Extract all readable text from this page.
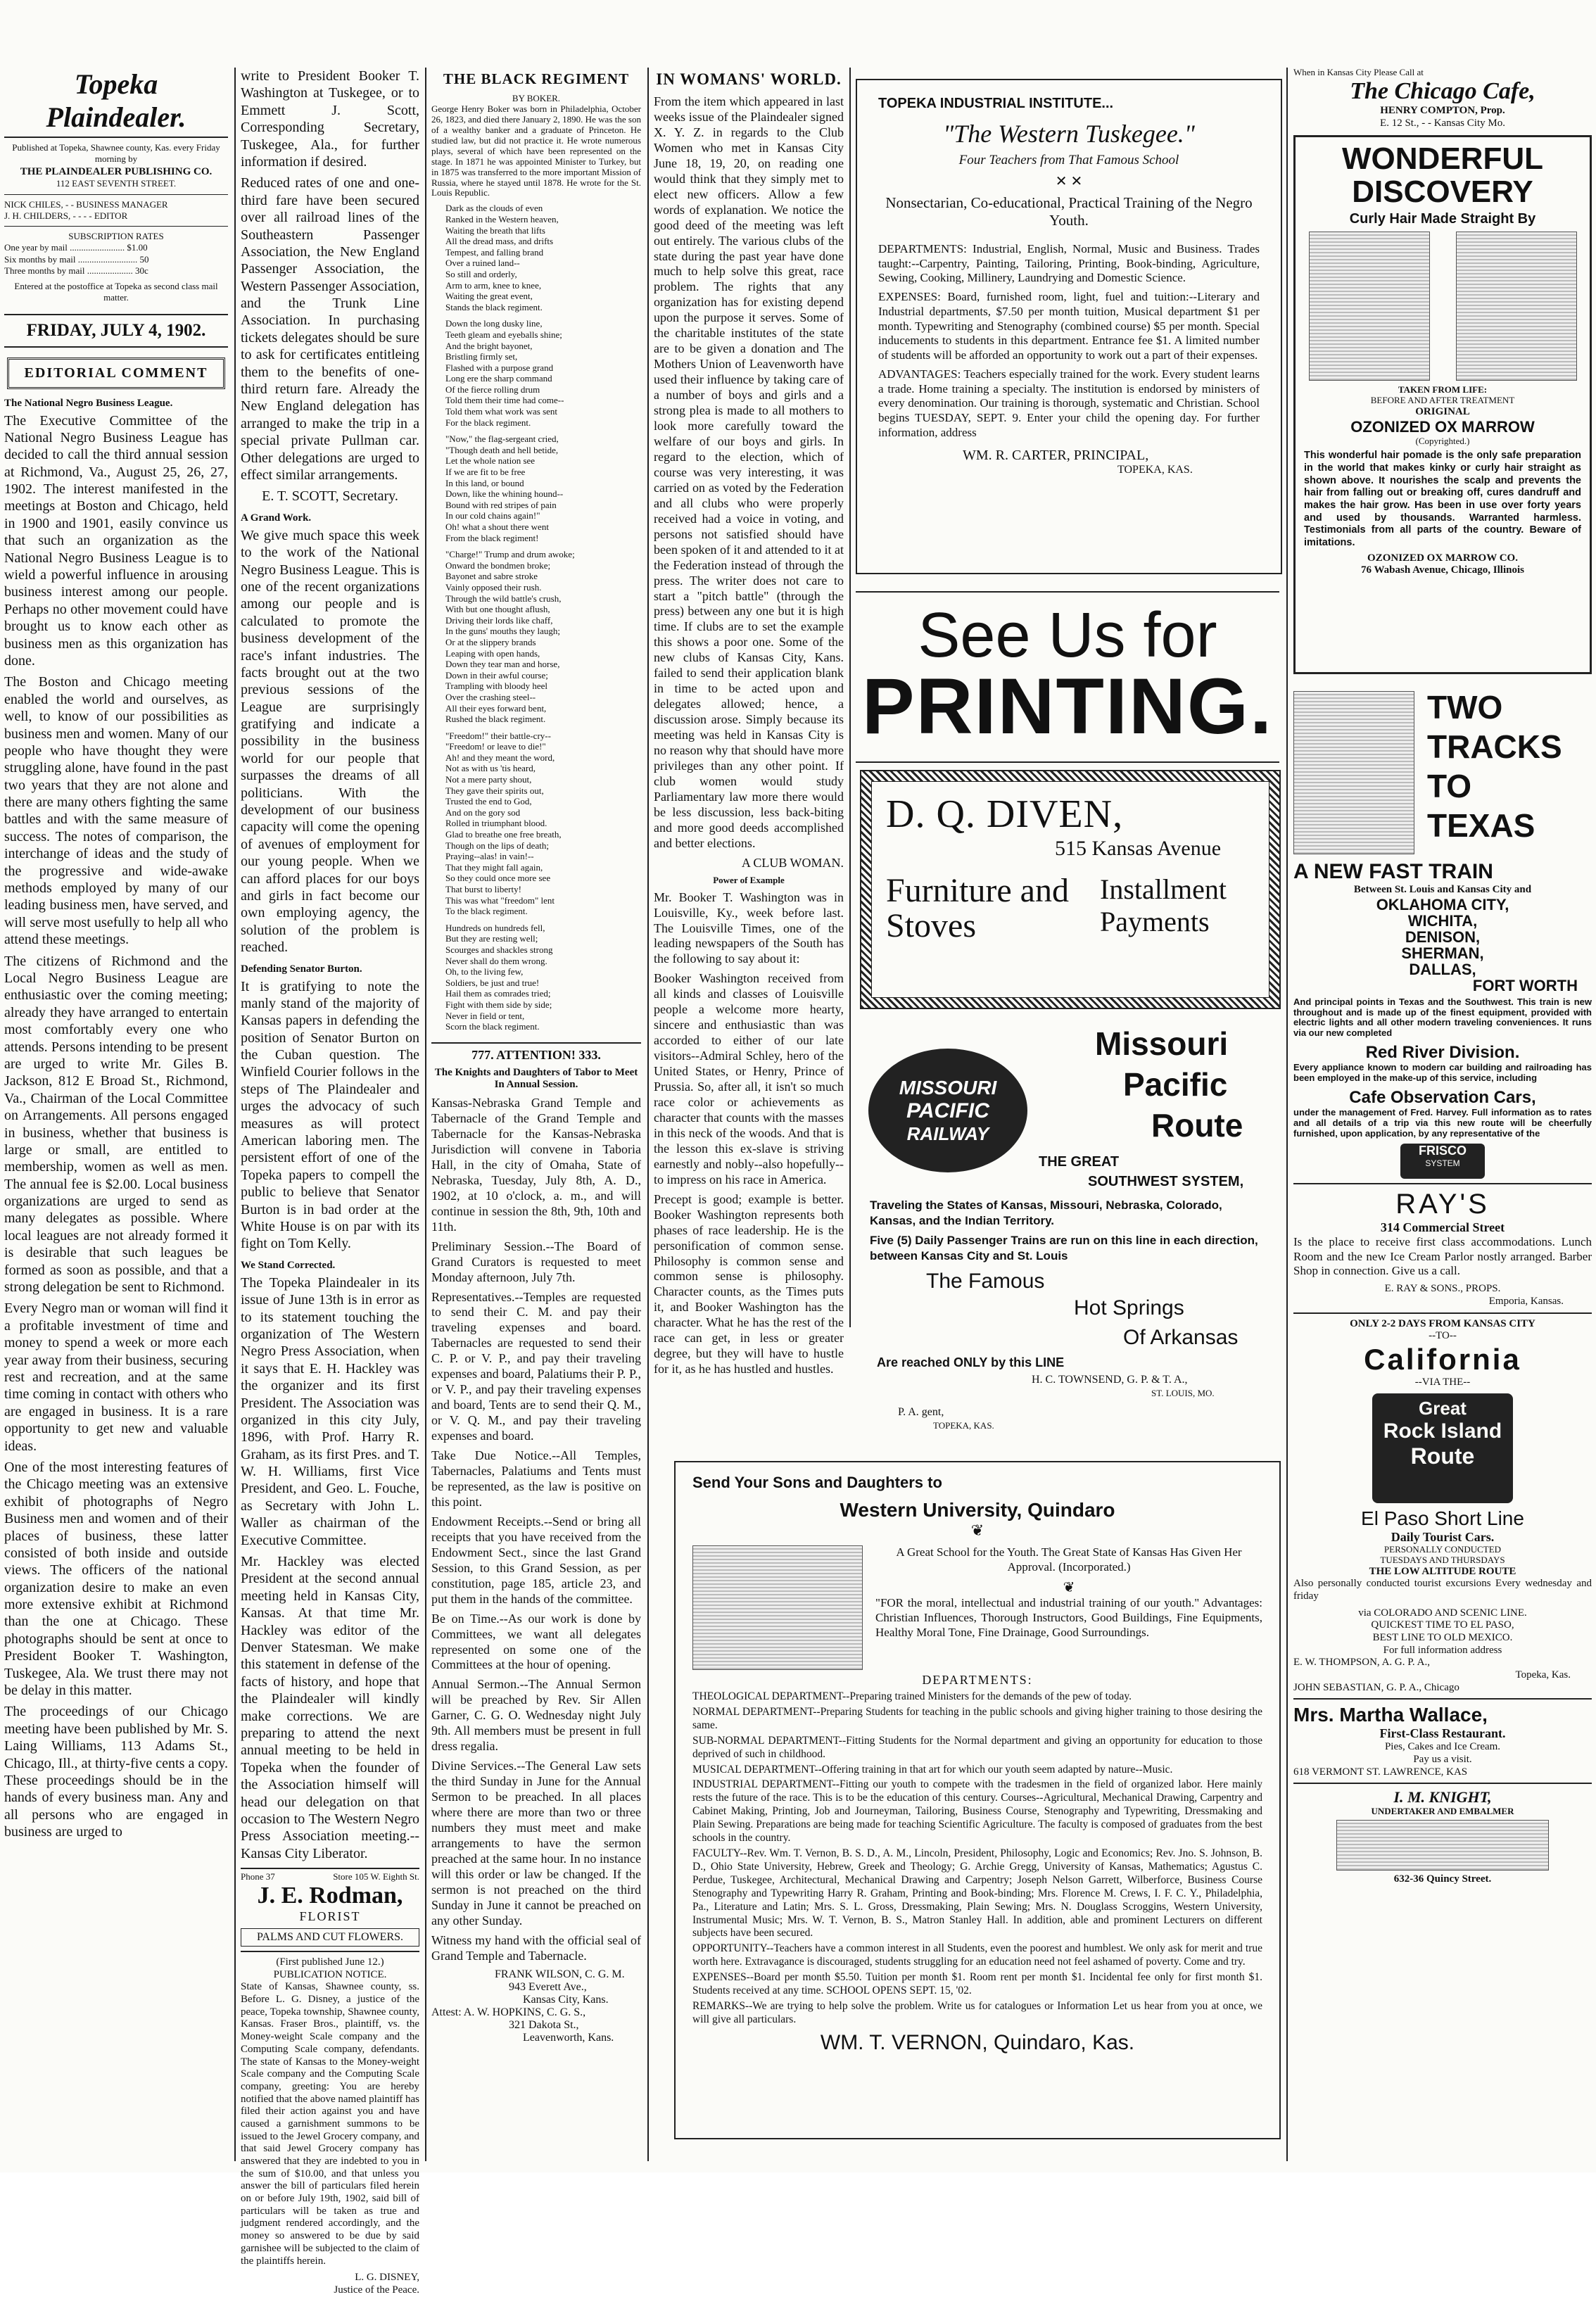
Topeka Plaindealer.
Published at Topeka, Shawnee county, Kas. every Friday morning by
THE PLAINDEALER PUBLISHING CO.
112 EAST SEVENTH STREET.
NICK CHILES, - - BUSINESS MANAGER
J. H. CHILDERS, - - - - EDITOR
SUBSCRIPTION RATES
One year by mail ........................ $1.00
Six months by mail .......................... 50
Three months by mail .................... 30c
Entered at the postoffice at Topeka as second class mail matter.
FRIDAY, JULY 4, 1902.
EDITORIAL COMMENT
The National Negro Business League.

The Executive Committee of the National Negro Business League has decided to call the third annual session at Richmond, Va., August 25, 26, 27, 1902. The interest manifested in the meetings at Boston and Chicago, held in 1900 and 1901, easily convince us that such an organization as the National Negro Business League is to wield a powerful influence in arousing business interest among our people. Perhaps no other movement could have brought us to know each other as business men as this organization has done.

The Boston and Chicago meeting enabled the world and ourselves, as well, to know of our possibilities as business men and women. Many of our people who have thought they were struggling alone, have found in the past two years that they are not alone and there are many others fighting the same battles and with the same measure of success. The notes of comparison, the interchange of ideas and the study of the progressive and wide-awake methods employed by many of our leading business men, have served, and will serve most usefully to help all who attend these meetings.

The citizens of Richmond and the Local Negro Business League are enthusiastic over the coming meeting; already they have arranged to entertain most comfortably every one who attends. Persons intending to be present are urged to write Mr. Giles B. Jackson, 812 E Broad St., Richmond, Va., Chairman of the Local Committee on Arrangements. All persons engaged in business, whether that business is large or small, are entitled to membership, women as well as men. The annual fee is $2.00. Local business organizations are urged to send as many delegates as possible. Where local leagues are not already formed it is desirable that such leagues be formed as soon as possible, and that a strong delegation be sent to Richmond.

Every Negro man or woman will find it a profitable investment of time and money to spend a week or more each year away from their business, securing rest and recreation, and at the same time coming in contact with others who are engaged in business. It is a rare opportunity to get new and valuable ideas.

One of the most interesting features of the Chicago meeting was an extensive exhibit of photographs of Negro Business men and women and of their places of business, these latter consisted of both inside and outside views. The officers of the national organization desire to make an even more extensive exhibit at Richmond than the one at Chicago. These photographs should be sent at once to President Booker T. Washington, Tuskegee, Ala. We trust there may not be delay in this matter.

The proceedings of our Chicago meeting have been published by Mr. S. Laing Williams, 113 Adams St., Chicago, Ill., at thirty-five cents a copy. These proceedings should be in the hands of every business man. Any and all persons who are engaged in business are urged to

write to President Booker T. Washington at Tuskegee, or to Emmett J. Scott, Corresponding Secretary, Tuskegee, Ala., for further information if desired.

Reduced rates of one and one-third fare have been secured over all railroad lines of the Southeastern Passenger Association, the New England Passenger Association, the Western Passenger Association, and the Trunk Line Association. In purchasing tickets delegates should be sure to ask for certificates entitleing them to the benefits of one-third return fare. Already the New England delegation has arranged to make the trip in a special private Pullman car. Other delegations are urged to effect similar arrangements.

E. T. SCOTT, Secretary.

A Grand Work.

We give much space this week to the work of the National Negro Business League. This is one of the recent organizations among our people and is calculated to promote the business development of the race's infant industries. The facts brought out at the two previous sessions of the League are surprisingly gratifying and indicate a possibility in the business world for our people that surpasses the dreams of all politicians. With the development of our business capacity will come the opening of avenues of employment for our young people. When we can afford places for our boys and girls in fact become our own employing agency, the solution of the problem is reached.

Defending Senator Burton.

It is gratifying to note the manly stand of the majority of Kansas papers in defending the position of Senator Burton on the Cuban question. The Winfield Courier follows in the steps of The Plaindealer and urges the advocacy of such measures as will protect American laboring men. The persistent effort of one of the Topeka papers to compell the public to believe that Senator Burton is in bad order at the White House is on par with its fight on Tom Kelly.

We Stand Corrected.

The Topeka Plaindealer in its issue of June 13th is in error as to its statement touching the organization of The Western Negro Press Association, when it says that E. H. Hackley was the organizer and its first President. The Association was organized in this city July, 1896, with Prof. Harry R. Graham, as its first Pres. and T. W. H. Williams, first Vice President, and Geo. L. Fouche, as Secretary with John L. Waller as chairman of the Executive Committee.

Mr. Hackley was elected President at the second annual meeting held in Kansas City, Kansas. At that time Mr. Hackley was editor of the Denver Statesman. We make this statement in defense of the facts of history, and hope that the Plaindealer will kindly make corrections. We are preparing to attend the next annual meeting to be held in Topeka when the founder of the Association himself will head our delegation on that occasion to The Western Negro Press Association meeting.--Kansas City Liberator.

Phone 37	Store 105 W. Eighth St.
J. E. Rodman,
FLORIST
PALMS AND CUT FLOWERS.
(First published June 12.)
PUBLICATION NOTICE.

State of Kansas, Shawnee county, ss. Before L. G. Disney, a justice of the peace, Topeka township, Shawnee county, Kansas. Fraser Bros., plaintiff, vs. the Money-weight Scale company and the Computing Scale company, defendants. The state of Kansas to the Money-weight Scale company and the Computing Scale company, greeting: You are hereby notified that the above named plaintiff has filed their action against you and have caused a garnishment summons to be issued to the Jewel Grocery company, and that said Jewel Grocery company has answered that they are indebted to you in the sum of $10.00, and that unless you answer the bill of particulars filed herein on or before July 19th, 1902, said bill of particulars will be taken as true and judgment rendered accordingly, and the money so answered to be due by said garnishee will be subjected to the claim of the plaintiffs herein.

L. G. DISNEY,
Justice of the Peace.
THE BLACK REGIMENT
BY BOKER.

George Henry Boker was born in Philadelphia, October 26, 1823, and died there January 2, 1890. He was the son of a wealthy banker and a graduate of Princeton. He studied law, but did not practice it. He wrote numerous plays, several of which have been represented on the stage. In 1871 he was appointed Minister to Turkey, but in 1875 was transferred to the more important Mission of Russia, where he stayed until 1878. He wrote for the St. Louis Republic.

Dark as the clouds of even
Ranked in the Western heaven,
Waiting the breath that lifts
All the dread mass, and drifts
Tempest, and falling brand
Over a ruined land--
So still and orderly,
Arm to arm, knee to knee,
Waiting the great event,
Stands the black regiment.
Down the long dusky line,
Teeth gleam and eyeballs shine;
And the bright bayonet,
Bristling firmly set,
Flashed with a purpose grand
Long ere the sharp command
Of the fierce rolling drum
Told them their time had come--
Told them what work was sent
For the black regiment.
"Now," the flag-sergeant cried,
"Though death and hell betide,
Let the whole nation see
If we are fit to be free
In this land, or bound
Down, like the whining hound--
Bound with red stripes of pain
In our cold chains again!"
Oh! what a shout there went
From the black regiment!
"Charge!" Trump and drum awoke;
Onward the bondmen broke;
Bayonet and sabre stroke
Vainly opposed their rush.
Through the wild battle's crush,
With but one thought aflush,
Driving their lords like chaff,
In the guns' mouths they laugh;
Or at the slippery brands
Leaping with open hands,
Down they tear man and horse,
Down in their awful course;
Trampling with bloody heel
Over the crashing steel--
All their eyes forward bent,
Rushed the black regiment.
"Freedom!" their battle-cry--
"Freedom! or leave to die!"
Ah! and they meant the word,
Not as with us 'tis heard,
Not a mere party shout,
They gave their spirits out,
Trusted the end to God,
And on the gory sod
Rolled in triumphant blood.
Glad to breathe one free breath,
Though on the lips of death;
Praying--alas! in vain!--
That they might fall again,
So they could once more see
That burst to liberty!
This was what "freedom" lent
To the black regiment.
Hundreds on hundreds fell,
But they are resting well;
Scourges and shackles strong
Never shall do them wrong.
Oh, to the living few,
Soldiers, be just and true!
Hail them as comrades tried;
Fight with them side by side;
Never in field or tent,
Scorn the black regiment.
777. ATTENTION! 333.
The Knights and Daughters of Tabor to Meet In Annual Session.

Kansas-Nebraska Grand Temple and Tabernacle of the Grand Temple and Tabernacle for the Kansas-Nebraska Jurisdiction will convene in Taboria Hall, in the city of Omaha, State of Nebraska, Tuesday, July 8th, A. D., 1902, at 10 o'clock, a. m., and will continue in session the 8th, 9th, 10th and 11th.

Preliminary Session.--The Board of Grand Curators is requested to meet Monday afternoon, July 7th.

Representatives.--Temples are requested to send their C. M. and pay their traveling expenses and board. Tabernacles are requested to send their C. P. or V. P., and pay their traveling expenses and board, Palatiums their P. P., or V. P., and pay their traveling expenses and board, Tents are to send their Q. M., or V. Q. M., and pay their traveling expenses and board.

Take Due Notice.--All Temples, Tabernacles, Palatiums and Tents must be represented, as the law is positive on this point.

Endowment Receipts.--Send or bring all receipts that you have received from the Endowment Sect., since the last Grand Session, to this Grand Session, as per constitution, page 185, article 23, and put them in the hands of the committee.

Be on Time.--As our work is done by Committees, we want all delegates represented on some one of the Committees at the hour of opening.

Annual Sermon.--The Annual Sermon will be preached by Rev. Sir Allen Garner, C. G. O. Wednesday night July 9th. All members must be present in full dress regalia.

Divine Services.--The General Law sets the third Sunday in June for the Annual Sermon to be preached. In all places where there are more than two or three numbers they must meet and make arrangements to have the sermon preached at the same hour. In no instance will this order or law be changed. If the sermon is not preached on the third Sunday in June it cannot be preached on any other Sunday.

Witness my hand with the official seal of Grand Temple and Tabernacle.

FRANK WILSON, C. G. M.
943 Everett Ave.,
Kansas City, Kans.
Attest: A. W. HOPKINS, C. G. S.,
321 Dakota St.,
Leavenworth, Kans.
IN WOMANS' WORLD.

From the item which appeared in last weeks issue of the Plaindealer signed X. Y. Z. in regards to the Club Women who met in Kansas City June 18, 19, 20, on reading one would think that they simply met to elect new officers. Allow a few words of explanation. We notice the good deed of the meeting was left out entirely. The various clubs of the state during the past year have done much to help solve this great, race problem. The rights that any organization has for existing depend upon the purpose it serves. Some of the charitable institutes of the state are to be given a donation and The Mothers Union of Leavenworth have used their influence by taking care of a number of boys and girls and a strong plea is made to all mothers to look more carefully toward the welfare of our boys and girls. In regard to the election, which of course was very interesting, it was carried on as voted by the Federation and all clubs who were properly received had a voice in voting, and persons not satisfied should have been spoken of it and attended to it at the Federation instead of through the press. The writer does not care to start a "pitch battle" (through the press) between any one but it is high time. If clubs are to set the example this shows a poor one. Some of the new clubs of Kansas City, Kans. failed to send their application blank in time to be acted upon and delegates allowed; hence, a discussion arose. Simply because its meeting was held in Kansas City is no reason why that should have more privileges than any other point. If club women would study Parliamentary law more there would be less discussion, less back-biting and more good deeds accomplished and better elections.

A CLUB WOMAN.

Power of Example

Mr. Booker T. Washington was in Louisville, Ky., week before last. The Louisville Times, one of the leading newspapers of the South has the following to say about it:

Booker Washington received from all kinds and classes of Louisville people a welcome more hearty, sincere and enthusiastic than was accorded to either of our late visitors--Admiral Schley, hero of the United States, or Henry, Prince of Prussia. So, after all, it isn't so much race color or achievements as character that counts with the masses in this neck of the woods. And that is the lesson this ex-slave is striving earnestly and nobly--also hopefully--to impress on his race in America.

Precept is good; example is better. Booker Washington represents both phases of race leadership. He is the personification of common sense. Philosophy is common sense and common sense is philosophy. Character counts, as the Times puts it, and Booker Washington has the character. What he has the rest of the race can get, in less or greater degree, but they will have to hustle for it, as he has hustled and hustles.

TOPEKA INDUSTRIAL INSTITUTE...
"The Western Tuskegee."
Four Teachers from That Famous School
✕ ✕
Nonsectarian, Co-educational, Practical Training of the Negro Youth.

DEPARTMENTS: Industrial, English, Normal, Music and Business. Trades taught:--Carpentry, Painting, Tailoring, Printing, Book-binding, Agriculture, Sewing, Cooking, Millinery, Laundrying and Domestic Science.

EXPENSES: Board, furnished room, light, fuel and tuition:--Literary and Industrial departments, $7.50 per month tuition, Musical department $1 per month. Typewriting and Stenography (combined course) $5 per month. Special inducements to students in this department. Entrance fee $1. A limited number of students will be afforded an opportunity to work out a part of their expenses.

ADVANTAGES: Teachers especially trained for the work. Every student learns a trade. Home training a specialty. The institution is endorsed by ministers of every denomination. Our training is thorough, systematic and Christian. School begins TUESDAY, SEPT. 9. Enter your child the opening day. For further information, address

WM. R. CARTER, PRINCIPAL,
TOPEKA, KAS.
See Us for
PRINTING.
D. Q. DIVEN,
515 Kansas Avenue
Furniture and Stoves
Installment Payments
MISSOURI
PACIFIC
RAILWAY
Missouri
Pacific
Route
THE GREAT
SOUTHWEST SYSTEM,
Traveling the States of Kansas, Missouri, Nebraska, Colorado, Kansas, and the Indian Territory.
Five (5) Daily Passenger Trains are run on this line in each direction, between Kansas City and St. Louis
The Famous
Hot Springs
Of Arkansas
Are reached ONLY by this LINE
H. C. TOWNSEND, G. P. & T. A.,
ST. LOUIS, MO.
P. A. gent,
TOPEKA, KAS.
Send Your Sons and Daughters to
Western University, Quindaro
❦

A Great School for the Youth. The Great State of Kansas Has Given Her Approval. (Incorporated.)

❦

"FOR the moral, intellectual and industrial training of our youth." Advantages: Christian Influences, Thorough Instructors, Good Buildings, Fine Equipments, Healthy Moral Tone, Fine Drainage, Good Surroundings.

DEPARTMENTS:

THEOLOGICAL DEPARTMENT--Preparing trained Ministers for the demands of the pew of today.

NORMAL DEPARTMENT--Preparing Students for teaching in the public schools and giving higher training to those desiring the same.

SUB-NORMAL DEPARTMENT--Fitting Students for the Normal department and giving an opportunity for education to those deprived of such in childhood.

MUSICAL DEPARTMENT--Offering training in that art for which our youth seem adapted by nature--Music.

INDUSTRIAL DEPARTMENT--Fitting our youth to compete with the tradesmen in the field of organized labor. Here mainly rests the future of the race. This is to be the education of this century. Courses--Agricultural, Mechanical Drawing, Carpentry and Cabinet Making, Printing, Job and Journeyman, Tailoring, Business Course, Stenography and Typewriting, Dressmaking and Plain Sewing. Preparations are being made for teaching Scientific Agriculture. The faculty is composed of graduates from the best schools in the country.

FACULTY--Rev. Wm. T. Vernon, B. S. D., A. M., Lincoln, President, Philosophy, Logic and Economics; Rev. Jno. S. Johnson, B. D., Ohio State University, Hebrew, Greek and Theology; G. Archie Gregg, University of Kansas, Mathematics; Agustus C. Perdue, Tuskegee, Architectural, Mechanical Drawing and Carpentry; Joseph Nelson Garrett, Wilberforce, Business Course Stenography and Typewriting Harry R. Graham, Printing and Book-binding; Mrs. Florence M. Crews, I. F. C. Y., Philadelphia, Pa., Literature and Latin; Mrs. S. L. Gross, Dressmaking, Plain Sewing; Mrs. N. Douglass Scroggins, Western University, Instrumental Music; Mrs. W. T. Vernon, B. S., Matron Stanley Hall. In addition, able and prominent Lecturers on different subjects have been secured.

OPPORTUNITY--Teachers have a common interest in all Students, even the poorest and humblest. We only ask for merit and true worth here. Extravagance is discouraged, students struggling for an education need not feel ashamed of poverty. Come and try.

EXPENSES--Board per month $5.50. Tuition per month $1. Room rent per month $1. Incidental fee only for first month $1. Students received at any time. SCHOOL OPENS SEPT. 15, '02.

REMARKS--We are trying to help solve the problem. Write us for catalogues or Information Let us hear from you at once, we will give all particulars.

WM. T. VERNON, Quindaro, Kas.
When in Kansas City Please Call at
The Chicago Cafe,
HENRY COMPTON, Prop.
E. 12 St., - - Kansas City Mo.
WONDERFUL
DISCOVERY
Curly Hair Made Straight By
TAKEN FROM LIFE:
BEFORE AND AFTER TREATMENT
ORIGINAL
OZONIZED OX MARROW
(Copyrighted.)

This wonderful hair pomade is the only safe preparation in the world that makes kinky or curly hair straight as shown above. It nourishes the scalp and prevents the hair from falling out or breaking off, cures dandruff and makes the hair grow. Has been in use over forty years and used by thousands. Warranted harmless. Testimonials from all parts of the country. Beware of imitations.

OZONIZED OX MARROW CO.
76 Wabash Avenue, Chicago, Illinois
TWO
TRACKS
TO
TEXAS
A NEW FAST TRAIN
Between St. Louis and Kansas City and
OKLAHOMA CITY,
WICHITA,
DENISON,
SHERMAN,
DALLAS,
FORT WORTH

And principal points in Texas and the Southwest. This train is new throughout and is made up of the finest equipment, provided with electric lights and all other modern traveling conveniences. It runs via our new completed

Red River Division.

Every appliance known to modern car building and railroading has been employed in the make-up of this service, including

Cafe Observation Cars,

under the management of Fred. Harvey. Full information as to rates and all details of a trip via this new route will be cheerfully furnished, upon application, by any representative of the

FRISCO
SYSTEM
RAY'S
314 Commercial Street

Is the place to receive first class accommodations. Lunch Room and the new Ice Cream Parlor nostly arranged. Barber Shop in connection. Give us a call.

E. RAY & SONS., PROPS.
Emporia, Kansas.
ONLY 2-2 DAYS FROM KANSAS CITY
--TO--
California
--VIA THE--
Great
Rock Island
Route
El Paso Short Line
Daily Tourist Cars.
PERSONALLY CONDUCTED
TUESDAYS AND THURSDAYS
THE LOW ALTITUDE ROUTE

Also personally conducted tourist excursions Every wednesday and friday

via COLORADO AND SCENIC LINE.
QUICKEST TIME TO EL PASO,
BEST LINE TO OLD MEXICO.
For full information address
E. W. THOMPSON, A. G. P. A.,
Topeka, Kas.
JOHN SEBASTIAN, G. P. A., Chicago
Mrs. Martha Wallace,
First-Class Restaurant.
Pies, Cakes and Ice Cream.
Pay us a visit.
618 VERMONT ST. LAWRENCE, KAS
I. M. KNIGHT,
UNDERTAKER AND EMBALMER
632-36 Quincy Street.
